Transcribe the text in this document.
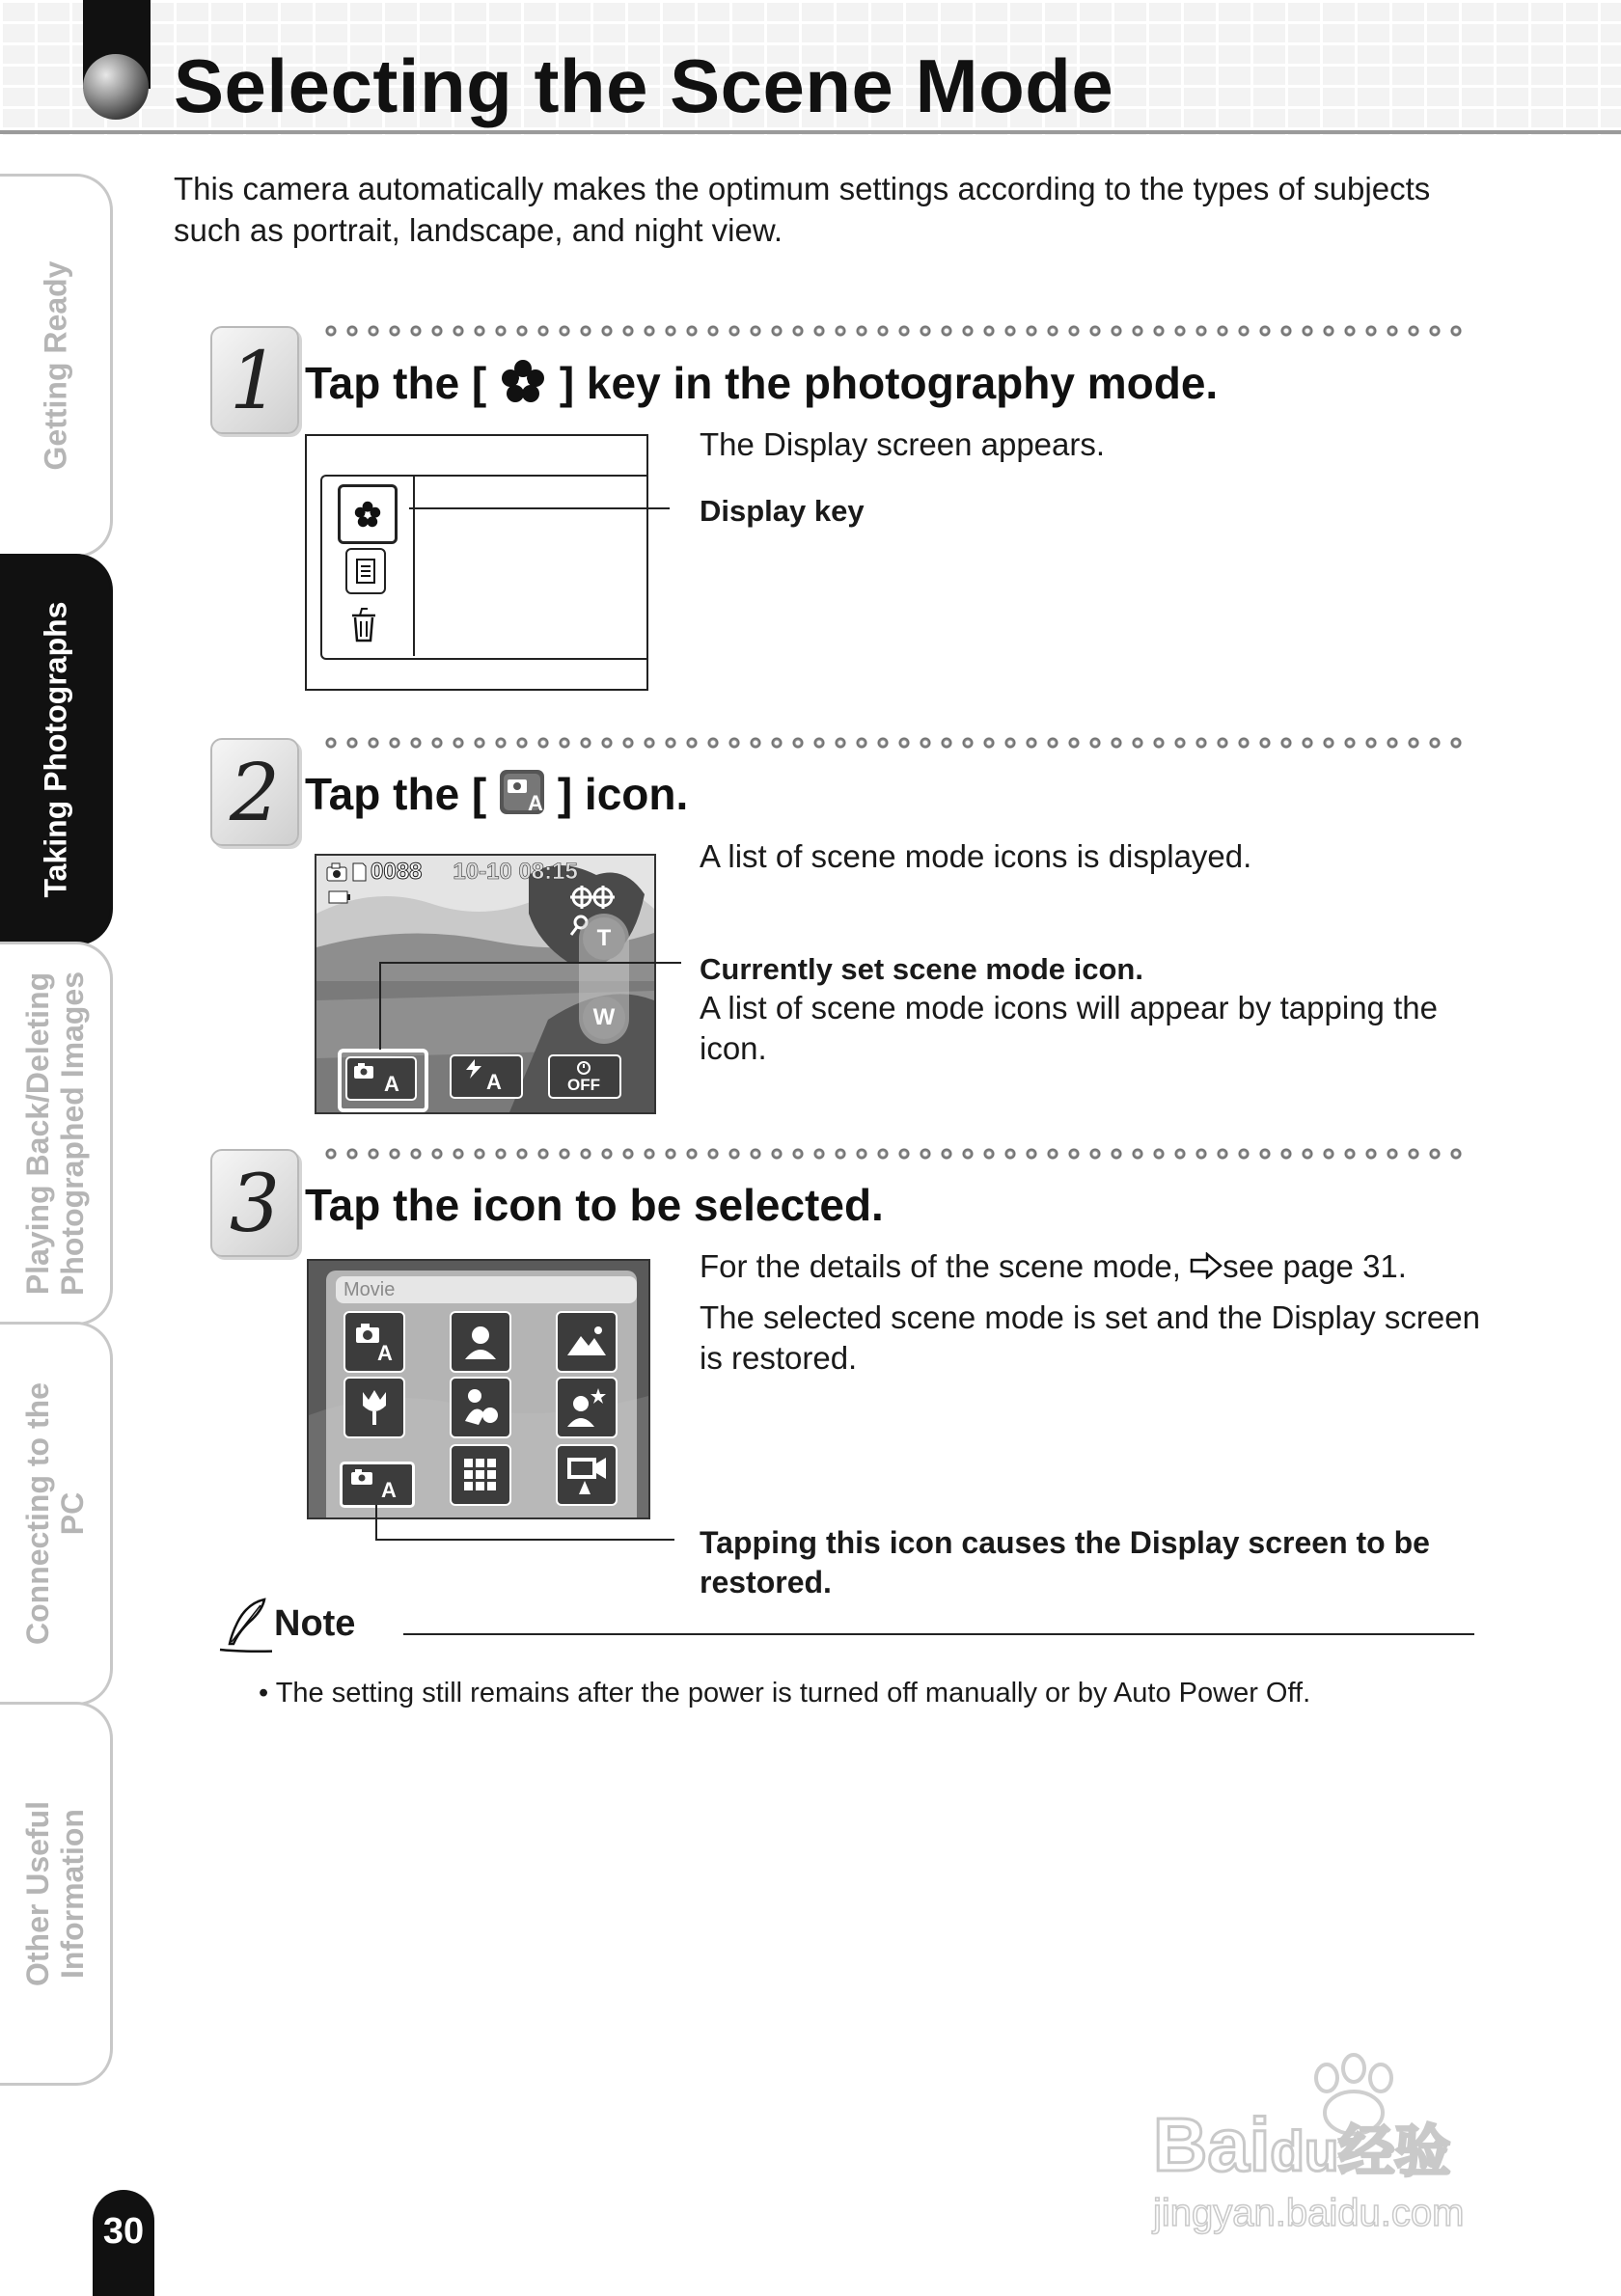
Selecting the Scene Mode
Getting Ready
Taking Photographs
Playing Back/Deleting Photographed Images
Connecting to the PC
Other Useful Information
This camera automatically makes the optimum settings according to the types of subjects such as portrait, landscape, and night view.
1 Tap the [ ] key in the photography mode.
The Display screen appears.
Display key
2 Tap the [ A ] icon.
A list of scene mode icons is displayed.
Currently set scene mode icon.
A list of scene mode icons will appear by tapping the icon.
0088 10-10 08:15
T
W
A	A	OFF
3 Tap the icon to be selected.
For the details of the scene mode, see page 31.
The selected scene mode is set and the Display screen is restored.
Tapping this icon causes the Display screen to be restored.
Movie
A
A
Note
• The setting still remains after the power is turned off manually or by Auto Power Off.
Baidu经验
jingyan.baidu.com
30
